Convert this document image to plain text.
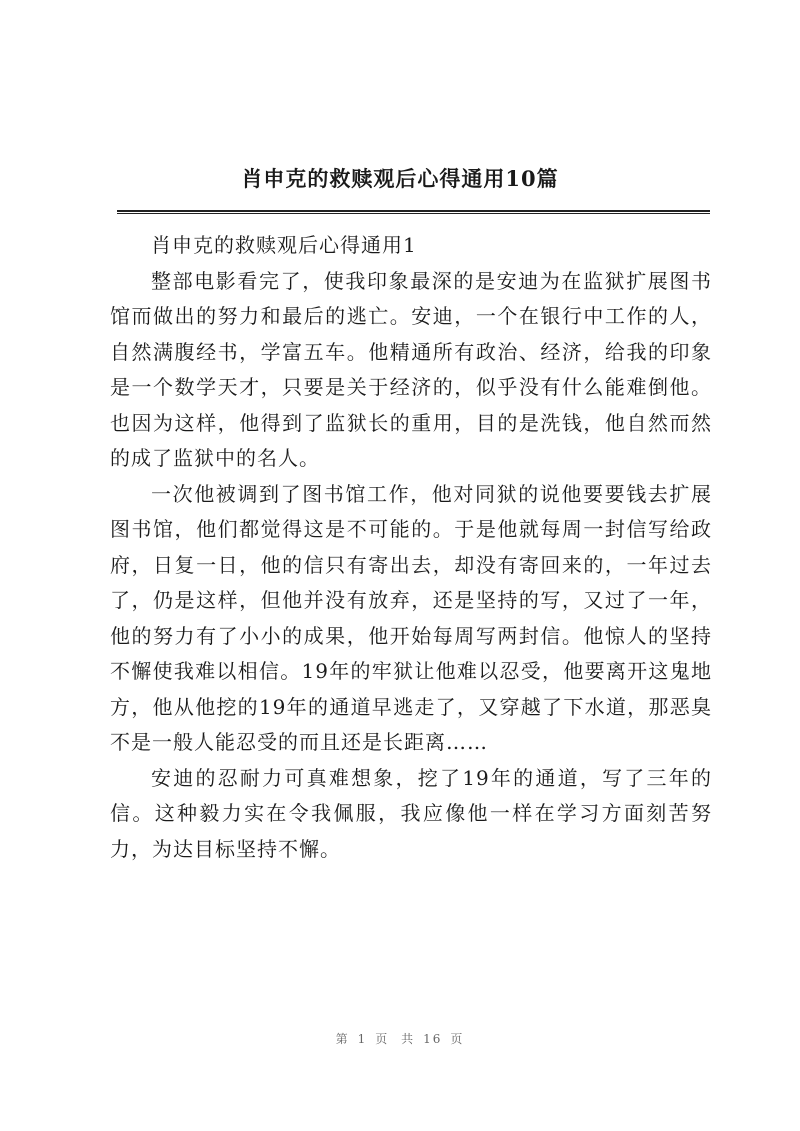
肖申克的救赎观后心得通用10篇

肖申克的救赎观后心得通用1

整部电影看完了，使我印象最深的是安迪为在监狱扩展图书馆而做出的努力和最后的逃亡。安迪，一个在银行中工作的人，自然满腹经书，学富五车。他精通所有政治、经济，给我的印象是一个数学天才，只要是关于经济的，似乎没有什么能难倒他。也因为这样，他得到了监狱长的重用，目的是洗钱，他自然而然的成了监狱中的名人。

一次他被调到了图书馆工作，他对同狱的说他要要钱去扩展图书馆，他们都觉得这是不可能的。于是他就每周一封信写给政府，日复一日，他的信只有寄出去，却没有寄回来的，一年过去了，仍是这样，但他并没有放弃，还是坚持的写，又过了一年，他的努力有了小小的成果，他开始每周写两封信。他惊人的坚持不懈使我难以相信。19年的牢狱让他难以忍受，他要离开这鬼地方，他从他挖的19年的通道早逃走了，又穿越了下水道，那恶臭不是一般人能忍受的而且还是长距离……

安迪的忍耐力可真难想象，挖了19年的通道，写了三年的信。这种毅力实在令我佩服，我应像他一样在学习方面刻苦努力，为达目标坚持不懈。

第 1 页 共 16 页
